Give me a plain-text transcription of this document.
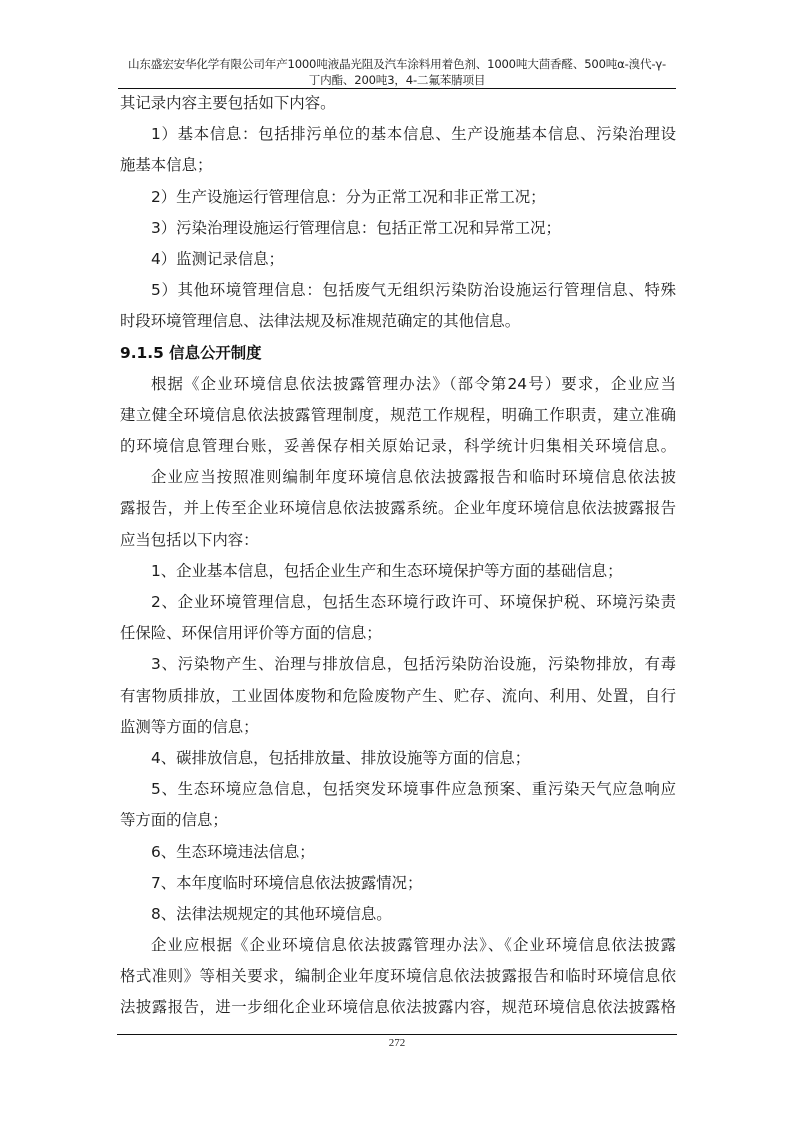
山东盛宏安华化学有限公司年产1000吨液晶光阻及汽车涂料用着色剂、1000吨大茴香醛、500吨α-溴代-γ-
丁内酯、200吨3，4-二氟苯腈项目
其记录内容主要包括如下内容。
1）基本信息：包括排污单位的基本信息、生产设施基本信息、污染治理设
施基本信息；
2）生产设施运行管理信息：分为正常工况和非正常工况；
3）污染治理设施运行管理信息：包括正常工况和异常工况；
4）监测记录信息；
5）其他环境管理信息：包括废气无组织污染防治设施运行管理信息、特殊
时段环境管理信息、法律法规及标准规范确定的其他信息。
9.1.5 信息公开制度
根据《企业环境信息依法披露管理办法》（部令第24号）要求，企业应当
建立健全环境信息依法披露管理制度，规范工作规程，明确工作职责，建立准确
的环境信息管理台账，妥善保存相关原始记录，科学统计归集相关环境信息。
企业应当按照准则编制年度环境信息依法披露报告和临时环境信息依法披
露报告，并上传至企业环境信息依法披露系统。企业年度环境信息依法披露报告
应当包括以下内容：
1、企业基本信息，包括企业生产和生态环境保护等方面的基础信息；
2、企业环境管理信息，包括生态环境行政许可、环境保护税、环境污染责
任保险、环保信用评价等方面的信息；
3、污染物产生、治理与排放信息，包括污染防治设施，污染物排放，有毒
有害物质排放，工业固体废物和危险废物产生、贮存、流向、利用、处置，自行
监测等方面的信息；
4、碳排放信息，包括排放量、排放设施等方面的信息；
5、生态环境应急信息，包括突发环境事件应急预案、重污染天气应急响应
等方面的信息；
6、生态环境违法信息；
7、本年度临时环境信息依法披露情况；
8、法律法规规定的其他环境信息。
企业应根据《企业环境信息依法披露管理办法》、《企业环境信息依法披露
格式准则》等相关要求，编制企业年度环境信息依法披露报告和临时环境信息依
法披露报告，进一步细化企业环境信息依法披露内容，规范环境信息依法披露格
272
